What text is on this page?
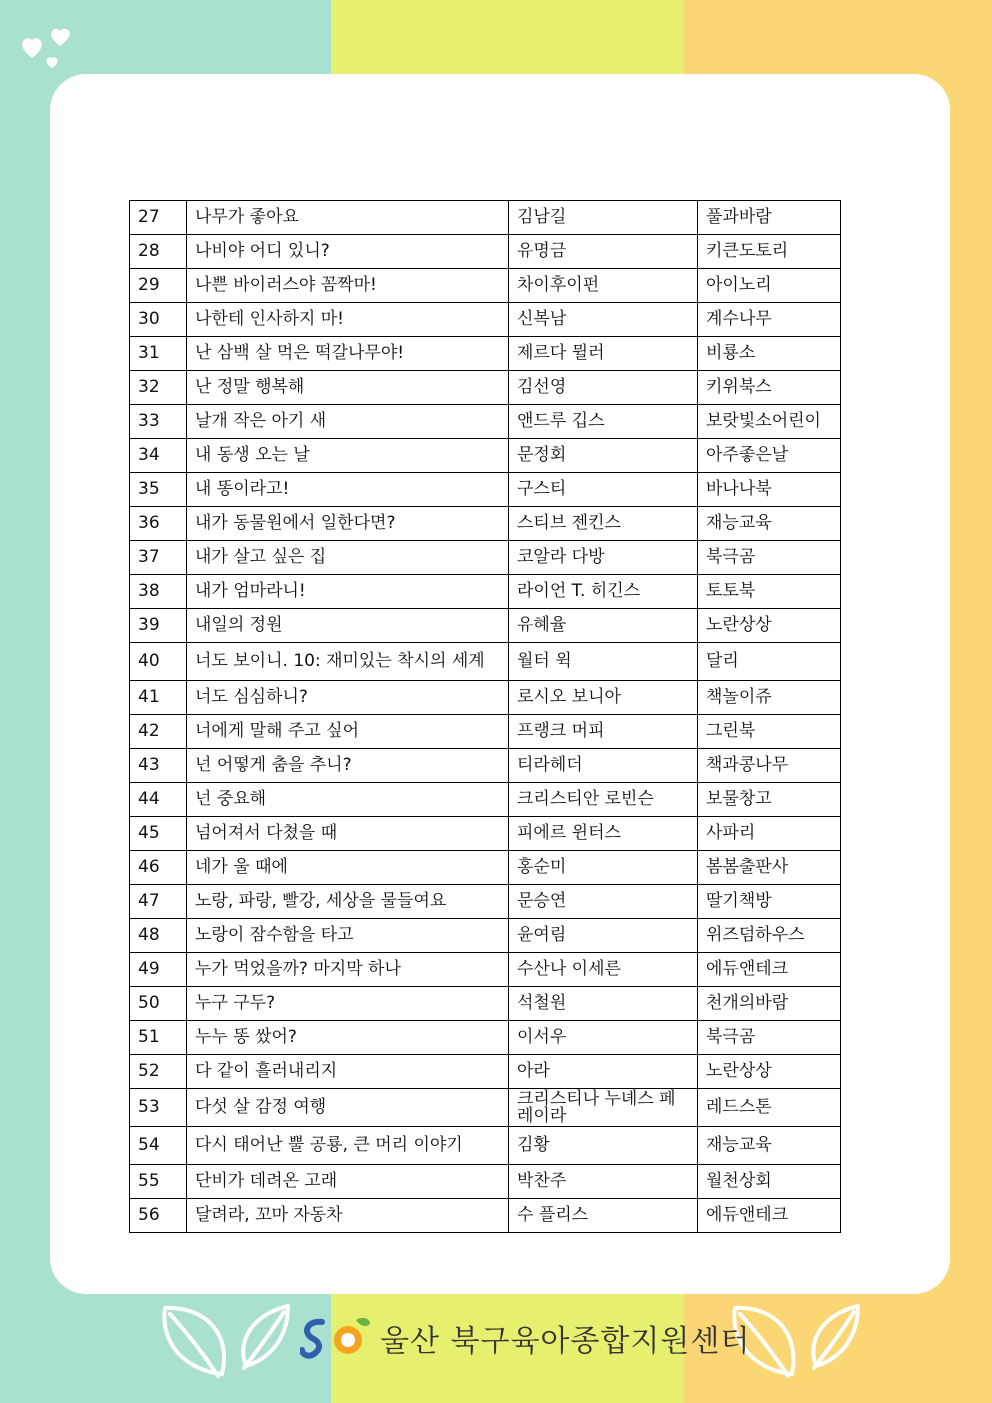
27	나무가 좋아요	김남길	풀과바람
28	나비야 어디 있니?	유명금	키큰도토리
29	나쁜 바이러스야 꼼짝마!	차이후이펀	아이노리
30	나한테 인사하지 마!	신복남	계수나무
31	난 삼백 살 먹은 떡갈나무야!	제르다 뮐러	비룡소
32	난 정말 행복해	김선영	키위북스
33	날개 작은 아기 새	앤드루 깁스	보랏빛소어린이
34	내 동생 오는 날	문정회	아주좋은날
35	내 똥이라고!	구스티	바나나북
36	내가 동물원에서 일한다면?	스티브 젠킨스	재능교육
37	내가 살고 싶은 집	코알라 다방	북극곰
38	내가 엄마라니!	라이언 T. 히긴스	토토북
39	내일의 정원	유혜율	노란상상
40	너도 보이니. 10: 재미있는 착시의 세계	월터 윅	달리
41	너도 심심하니?	로시오 보니아	책놀이쥬
42	너에게 말해 주고 싶어	프랭크 머피	그린북
43	넌 어떻게 춤을 추니?	티라헤더	책과콩나무
44	넌 중요해	크리스티안 로빈슨	보물창고
45	넘어져서 다쳤을 때	피에르 윈터스	사파리
46	네가 울 때에	홍순미	봄봄출판사
47	노랑, 파랑, 빨강, 세상을 물들여요	문승연	딸기책방
48	노랑이 잠수함을 타고	윤여림	위즈덤하우스
49	누가 먹었을까? 마지막 하나	수산나 이세른	에듀앤테크
50	누구 구두?	석철원	천개의바람
51	누누 똥 쌌어?	이서우	북극곰
52	다 같이 흘러내리지	아라	노란상상
53	다섯 살 감정 여행	크리스티나 누녜스 페레이라	레드스톤
54	다시 태어난 뿔 공룡, 큰 머리 이야기	김황	재능교육
55	단비가 데려온 고래	박찬주	월천상회
56	달려라, 꼬마 자동차	수 플리스	에듀앤테크
울산 북구육아종합지원센터
